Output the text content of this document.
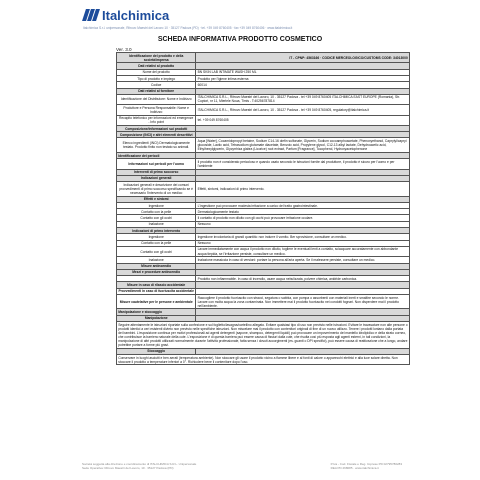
Italchimica
Italchimica S.r.l. unipersonale, Ritrovo Maestri del Lavoro 10 · 35127 Padova (PD) · tel. +39 049 8760405 · fax +39 049 8760406 · www.italchimica.it
SCHEDA INFORMATIVA PRODOTTO COSMETICO
Ver. 3.0
Identificazione del prodotto e della società/impresa	IT - CPNP: 4563166 · CODICE MERCEOLOGICO/CUSTOMS CODE: 34013000
Dati relativi al prodotto	
Nome del prodotto	BN SKIN LAB INTIMATE WASH 250 ML
Tipo di prodotto e impiego	Prodotto per l'igiene intima esterna
Codice	60014
Dati relativi al fornitore	
Identificazione del Distributore: Nome e Indirizzo	ITALCHIMICA S.R.L., Ritrovo Maestri del Lavoro, 10 - 35127 Padova - tel +39 049 8760405 ITALCHIMICA EAST EUROPE (Romania), Str. Cuptori, nr 11, Mierlele Noua, Timis - T:40256787814
Produttore e Persona Responsabile: Nome e Indirizzo	ITALCHIMICA S.R.L., Ritrovo Maestri del Lavoro, 10 - 35127 Padova - tel +39 049 8760405, regulatory@italchimica.it
Recapito telefonico per informazioni ed emergenze - Info point	tel. +39 049 8760405
Composizione/informazioni sui prodotti	
Composizione (INCI) e altri elementi descrittivi	
Elenco ingredienti (INCI) Dermatologicamente testato. Prodotto finito non testato su animali.	Aqua [Water], Cocamidopropyl betaine, Sodium C14-16 olefin sulfonate, Glycerin, Sodium cocoamphoacetate, Phenoxyethanol, Caprylyl/capryl glucoside, Lactic acid, Tetrasodium glutamate diacetate, Benzoic acid, Propylene glycol, C12-13 alkyl lactate, Dehydroacetic acid, Ethylhexylglycerin, Glycyrrhiza glabra (Licorice) root extract, Parfum [Fragrance], Tocopherol, Hydroxyacetophenone
Identificazione dei pericoli	
Informazioni sui pericoli per l'uomo	Il prodotto non è considerato pericoloso e quando usato secondo le istruzioni fornite dal produttore, il prodotto è sicuro per l'uomo e per l'ambiente
Interventi di primo soccorso	
Indicazioni generali	
Indicazioni generali e descrizione dei comuni provvedimenti di primo soccorso specificando se è necessario l'intervento di un medico	Effetti, sintomi, indicazioni di primo intervento.
Effetti e sintomi	
Ingestione	L'ingestione può provocare modesta irritazione a carico del tratto gastrointestinale.
Contatto con la pelle	Dermatologicamente testato
Contatto con gli occhi	Il contatto di prodotto non diluito con gli occhi può provocare irritazione oculare.
Inalazione	Nessuno
Indicazioni di primo intervento	
Ingestione	Ingestione involontaria di grandi quantità: non indurre il vomito. Ber sprovisione, consultare un medico.
Contatto con la pelle	Nessuno
Contatto con gli occhi	Lavare immediatamente con acqua il prodotto non diluito, togliere le eventuali lenti a contatto, sciacquare accuratamente con abbondante acqua tiepida, se l'irritazione persiste, consultare un medico.
Inalazione	Inalazione massiccia in caso di versioni: portare la persona all'aria aperta. Se il malessere persiste, consultare un medico.
Misure antincendio	
Mezzi e procedure antincendio	
	Prodotto non infiammabile. In caso di incendio, usare acqua nebulizzata, polvere chimica, anidride carbonica.
Misure in caso di rilascio accidentale	
Provvedimenti in caso di fuoriuscita accidentale	
Misure cautelative per le persone e ambientale	Raccogliere il prodotto fuoriuscito con stracci, segatura o sabbia, con pompa o assorbenti con materiali inerti e smaltire secondo le norme. Lavare con molta acqua la zona contaminata. Non immettere mai il prodotto fuoriuscito nei condotti fognari. Non disperdere mai il prodotto nell'ambiente.
Manipolazione e stoccaggio	
Manipolazione	
Seguire attentamente le istruzioni riportate sulla confezione e sul foglietto/lavagna/cartellino allegato. Evitare qualsiasi tipo di uso non previsto nelle istruzioni. Evitare le travasature non alle persone o prodotti identici a ceri esistenti divieto non previsto nelle specifiche istruzioni. Non miscelare mai il prodotto con contenitori originali di fine di un nuovo utilizzo. Tenere i prodotti lontano dalla portata dei bambini. L'esposizione continua per motivi professionali ad agenti detergenti (sapone, shampoo, detergenti liquidi) può provocare un impoverimento del mantello idrolipidico e della strato corneo, che contribuisce la barriera naturale della cute. L'esposizione è di questa barriera può essere causa di fissiuri dalla cute, che risulta così più esposta agli agenti esterni, in tali condizioni, la manipolazione di altri prodotti utilizzati normalmente durante l'attività professionale, fatta senza i dovuti accorgimenti (es. guanti o DPI specifici), può essere causa di reattivazione che a lungo, andare potrebbe portare a forme più gravi.	
Stoccaggio	
Conservare in luoghi asciutti e ben aerati (temperatura ambiente). Non stoccare gli usare il prodotto vicino a fiamme libere e al fonti di calore o apparecchi elettrici e alla luce solare diretta. Non stoccare il prodotto a temperature inferiori a 0°. Richiudere bene il contenitore dopo l'uso.	
Società soggetta alla direzione e coordinamento di ITALCHIMICA S.R.L. Unipersonale
Sede Operativa: Ritrovo Maestri del Lavoro, 10 · 35127 Padova (PD)
P.Iva - Cod. Fiscale e Reg. Imprese PD 02795780283
REA PD 268085 · www.italchimica.it
